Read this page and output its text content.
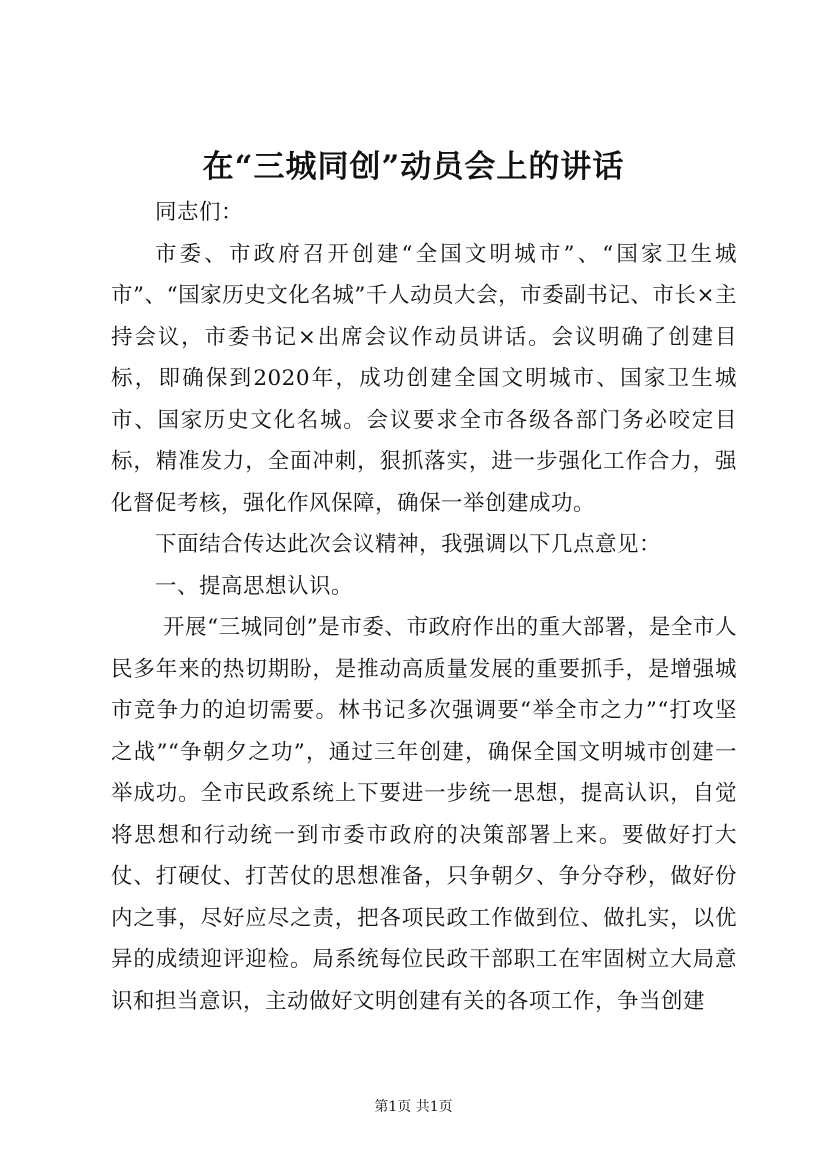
在“三城同创”动员会上的讲话

同志们：

市委、市政府召开创建“全国文明城市”、“国家卫生城市”、“国家历史文化名城”千人动员大会，市委副书记、市长×主持会议，市委书记×出席会议作动员讲话。会议明确了创建目标，即确保到2020年，成功创建全国文明城市、国家卫生城市、国家历史文化名城。会议要求全市各级各部门务必咬定目标，精准发力，全面冲刺，狠抓落实，进一步强化工作合力，强化督促考核，强化作风保障，确保一举创建成功。

下面结合传达此次会议精神，我强调以下几点意见：

一、提高思想认识。

开展“三城同创”是市委、市政府作出的重大部署，是全市人民多年来的热切期盼，是推动高质量发展的重要抓手，是增强城市竞争力的迫切需要。林书记多次强调要“举全市之力”“打攻坚之战”“争朝夕之功”，通过三年创建，确保全国文明城市创建一举成功。全市民政系统上下要进一步统一思想，提高认识，自觉将思想和行动统一到市委市政府的决策部署上来。要做好打大仗、打硬仗、打苦仗的思想准备，只争朝夕、争分夺秒，做好份内之事，尽好应尽之责，把各项民政工作做到位、做扎实，以优异的成绩迎评迎检。局系统每位民政干部职工在牢固树立大局意识和担当意识，主动做好文明创建有关的各项工作，争当创建

第1页 共1页
